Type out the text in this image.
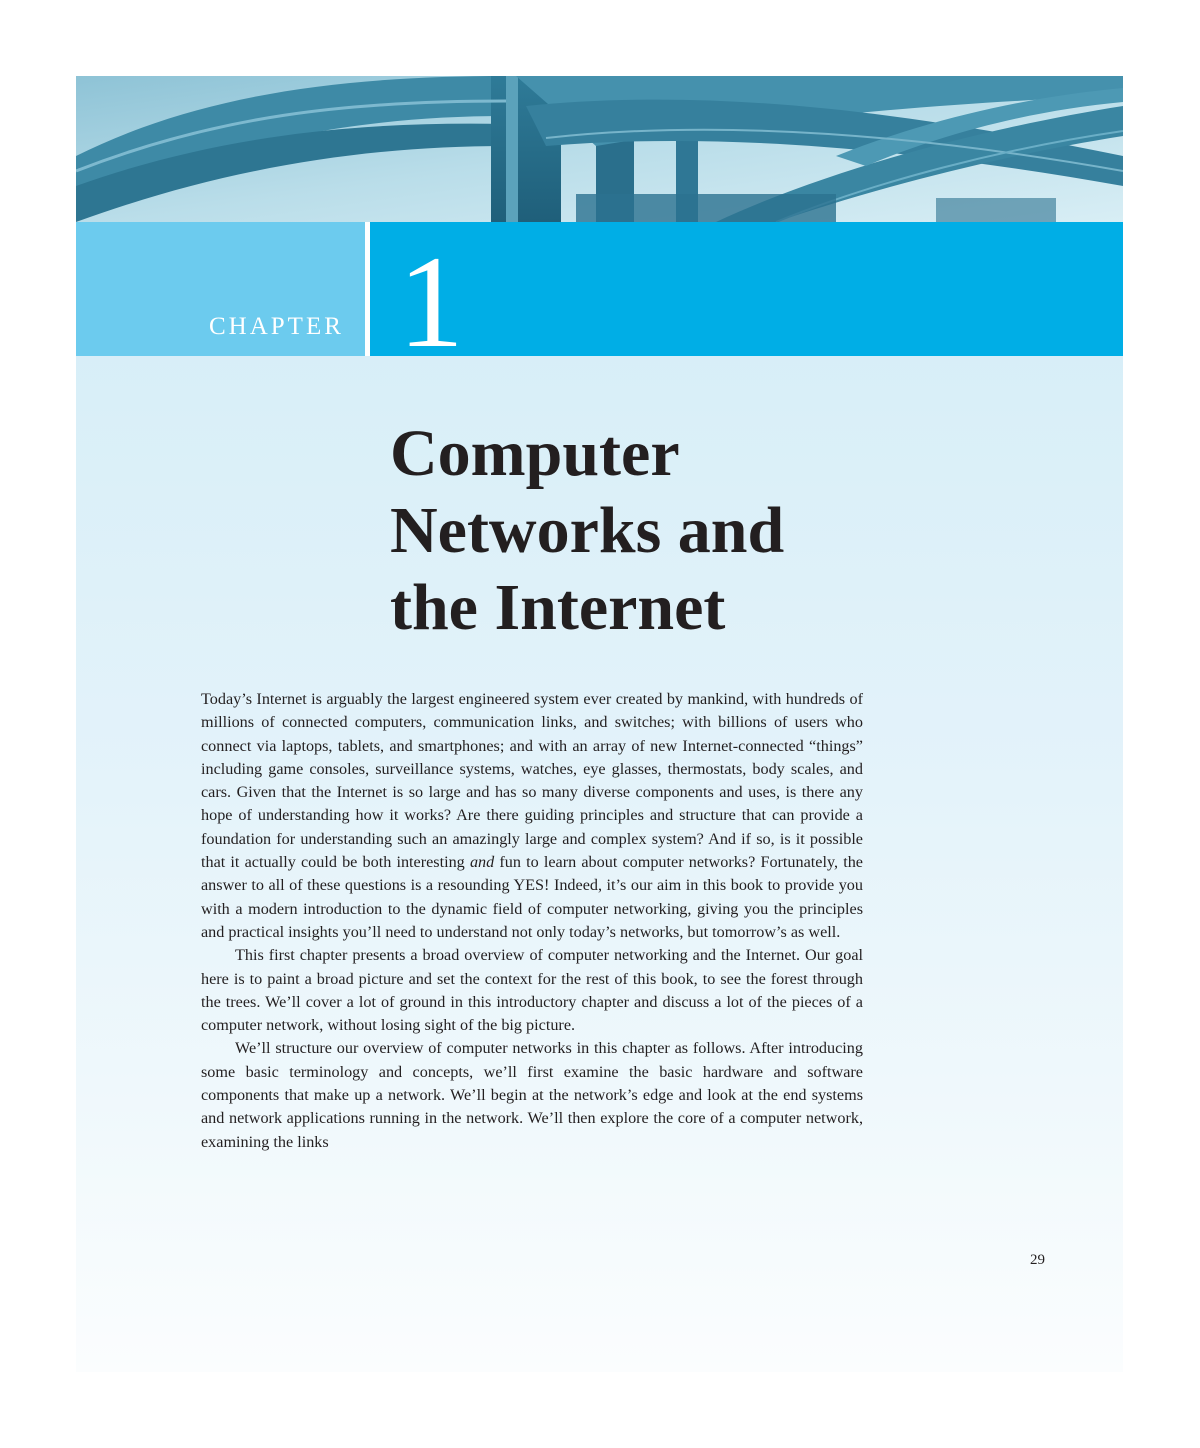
CHAPTER 1

Computer
Networks and
the Internet

Today’s Internet is arguably the largest engineered system ever created by mankind, with hundreds of millions of connected computers, communication links, and switches; with billions of users who connect via laptops, tablets, and smartphones; and with an array of new Internet-connected “things” including game consoles, surveillance systems, watches, eye glasses, thermostats, body scales, and cars. Given that the Internet is so large and has so many diverse components and uses, is there any hope of understanding how it works? Are there guiding principles and structure that can provide a foundation for understanding such an amazingly large and complex system? And if so, is it possible that it actually could be both interesting and fun to learn about computer networks? Fortunately, the answer to all of these questions is a resounding YES! Indeed, it’s our aim in this book to provide you with a modern introduction to the dynamic field of computer networking, giving you the principles and practical insights you’ll need to understand not only today’s networks, but tomorrow’s as well.

This first chapter presents a broad overview of computer networking and the Internet. Our goal here is to paint a broad picture and set the context for the rest of this book, to see the forest through the trees. We’ll cover a lot of ground in this introductory chapter and discuss a lot of the pieces of a computer network, without losing sight of the big picture.

We’ll structure our overview of computer networks in this chapter as follows. After introducing some basic terminology and concepts, we’ll first examine the basic hardware and software components that make up a network. We’ll begin at the network’s edge and look at the end systems and network applications running in the network. We’ll then explore the core of a computer network, examining the links

29
